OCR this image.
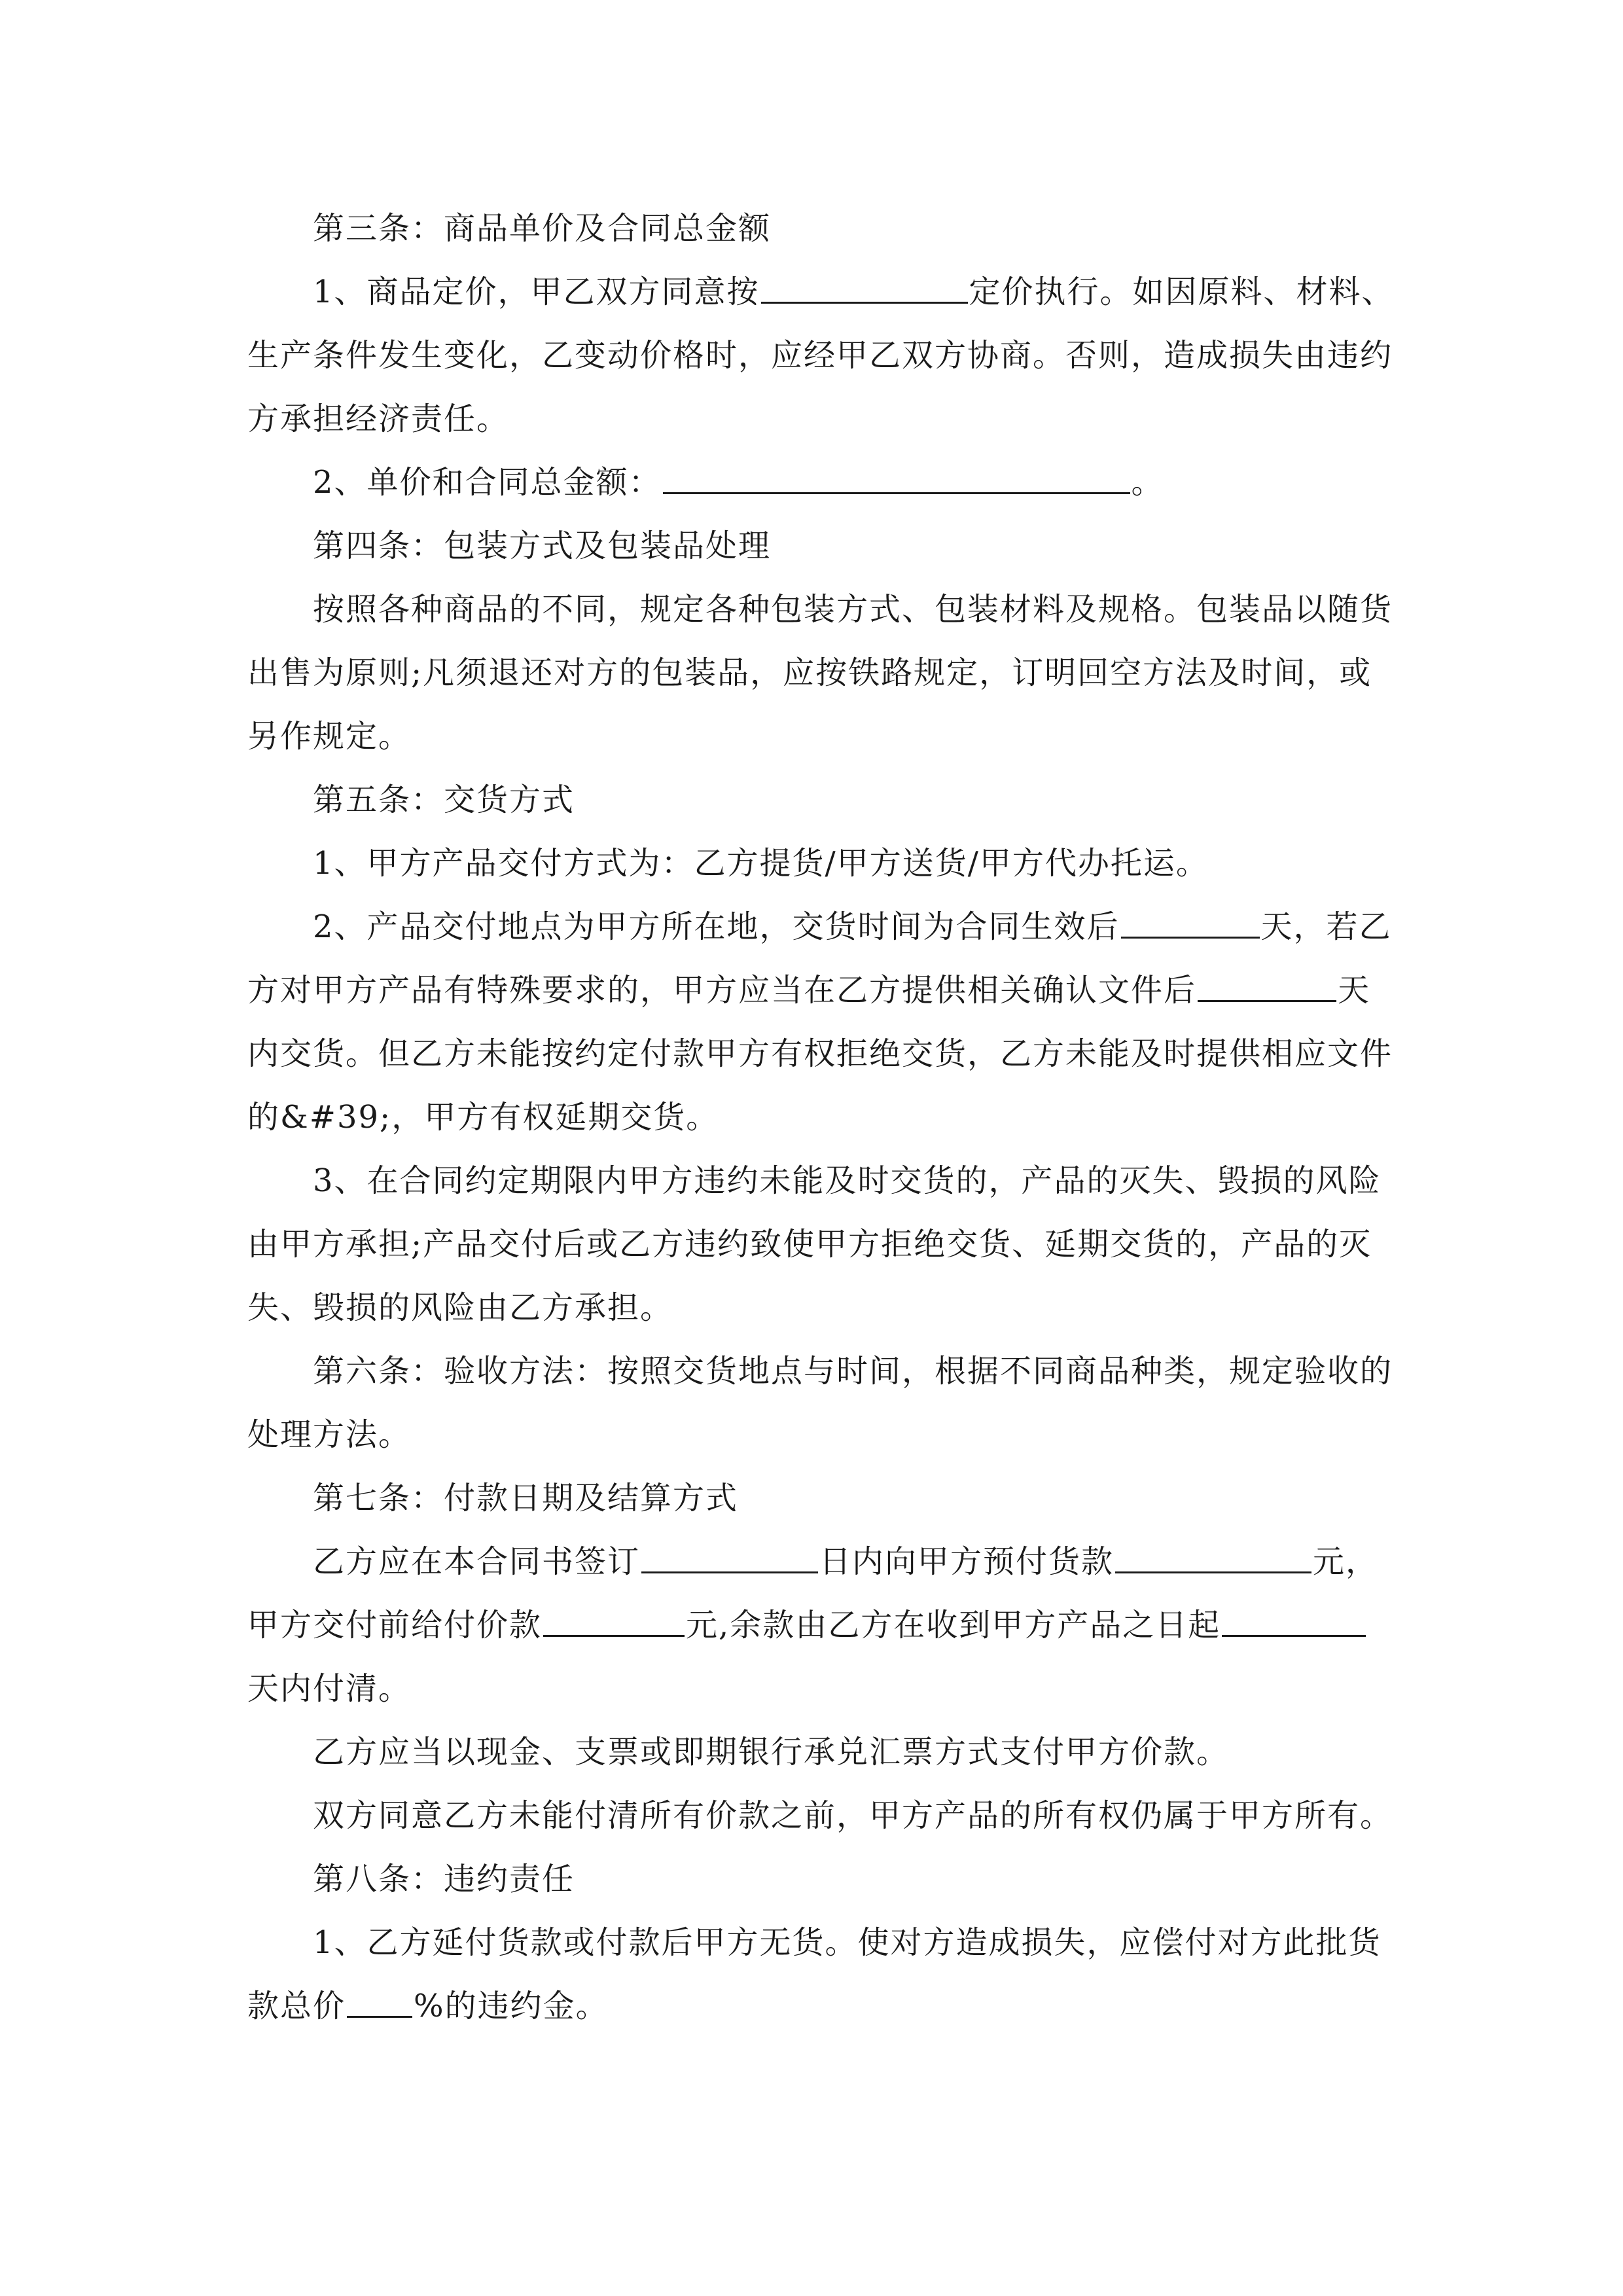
第三条：商品单价及合同总金额
1、商品定价，甲乙双方同意按	定价执行。如因原料、材料、
生产条件发生变化，乙变动价格时，应经甲乙双方协商。否则，造成损失由违约
方承担经济责任。
2、单价和合同总金额：	。
第四条：包装方式及包装品处理
按照各种商品的不同，规定各种包装方式、包装材料及规格。包装品以随货
出售为原则;凡须退还对方的包装品，应按铁路规定，订明回空方法及时间，或
另作规定。
第五条：交货方式
1、甲方产品交付方式为：乙方提货/甲方送货/甲方代办托运。
2、产品交付地点为甲方所在地，交货时间为合同生效后	天，若乙
方对甲方产品有特殊要求的，甲方应当在乙方提供相关确认文件后	天
内交货。但乙方未能按约定付款甲方有权拒绝交货，乙方未能及时提供相应文件
的&#39;，甲方有权延期交货。
3、在合同约定期限内甲方违约未能及时交货的，产品的灭失、毁损的风险
由甲方承担;产品交付后或乙方违约致使甲方拒绝交货、延期交货的，产品的灭
失、毁损的风险由乙方承担。
第六条：验收方法：按照交货地点与时间，根据不同商品种类，规定验收的
处理方法。
第七条：付款日期及结算方式
乙方应在本合同书签订	日内向甲方预付货款	元，
甲方交付前给付价款	元,余款由乙方在收到甲方产品之日起
天内付清。
乙方应当以现金、支票或即期银行承兑汇票方式支付甲方价款。
双方同意乙方未能付清所有价款之前，甲方产品的所有权仍属于甲方所有。
第八条：违约责任
1、乙方延付货款或付款后甲方无货。使对方造成损失，应偿付对方此批货
款总价 %的违约金。
